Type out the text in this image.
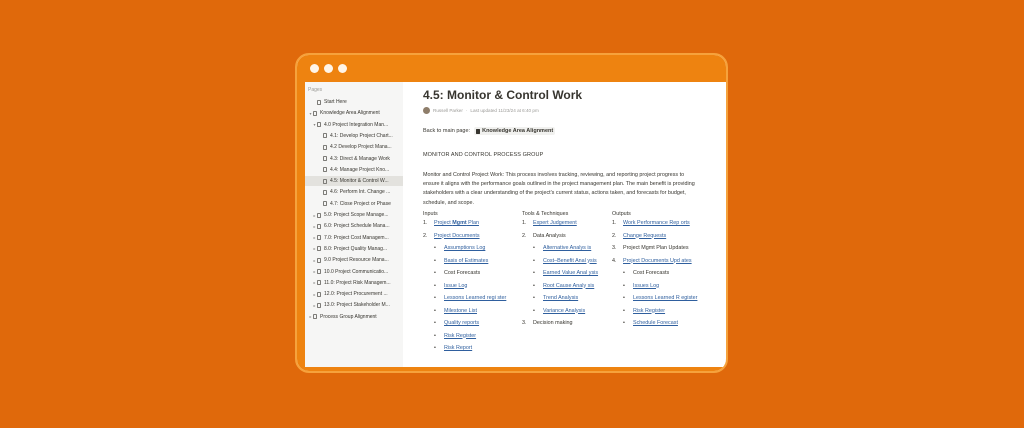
Pages
Start Here
▾	Knowledge Area Alignment
▾	4.0 Project Integration Man...
4.1: Develop Project Chart...
4.2 Develop Project Mana...
4.3: Direct & Manage Work
4.4: Manage Project Kno...
4.5: Monitor & Control W...
4.6: Perform Int. Change ...
4.7: Close Project or Phase
▸	5.0: Project Scope Manage...
▸	6.0: Project Schedule Mana...
▸	7.0: Project Cost Managem...
▸	8.0: Project Quality Manag...
▸	9.0 Project Resource Mana...
▸	10.0 Project Communicatio...
▸	11.0: Project Risk Managem...
▸	12.0: Project Procurement ...
▸	13.0: Project Stakeholder M...
▸	Process Group Alignment
4.5: Monitor & Control Work
Russell Parker · Last updated 11/23/24 at 6:40 pm
Back to main page: Knowledge Area Alignment
MONITOR AND CONTROL PROCESS GROUP
Monitor and Control Project Work: This process involves tracking, reviewing, and reporting project progress to ensure it aligns with the performance goals outlined in the project management plan. The main benefit is providing stakeholders with a clear understanding of the project's current status, actions taken, and forecasts for budget, schedule, and scope.
Inputs
1. Project Mgmt Plan
2. Project Documents
• Assumptions Log
• Basis of Estimates
• Cost Forecasts
• Issue Log
• Lessons Learned regi ster
• Milestone List
• Quality reports
• Risk Register
• Risk Report
Tools & Techniques
1. Expert Judgement
2. Data Analysis
• Alternative Analys is
• Cost–Benefit Anal ysis
• Earned Value Anal ysis
• Root Cause Analy sis
• Trend Analysis
• Variance Analysis
3. Decision making
Outputs
1. Work Performance Rep orts
2. Change Requests
3. Project Mgmt Plan Updates
4. Project Documents Upd ates
• Cost Forecasts
• Issues Log
• Lessons Learned R egister
• Risk Register
• Schedule Forecast
